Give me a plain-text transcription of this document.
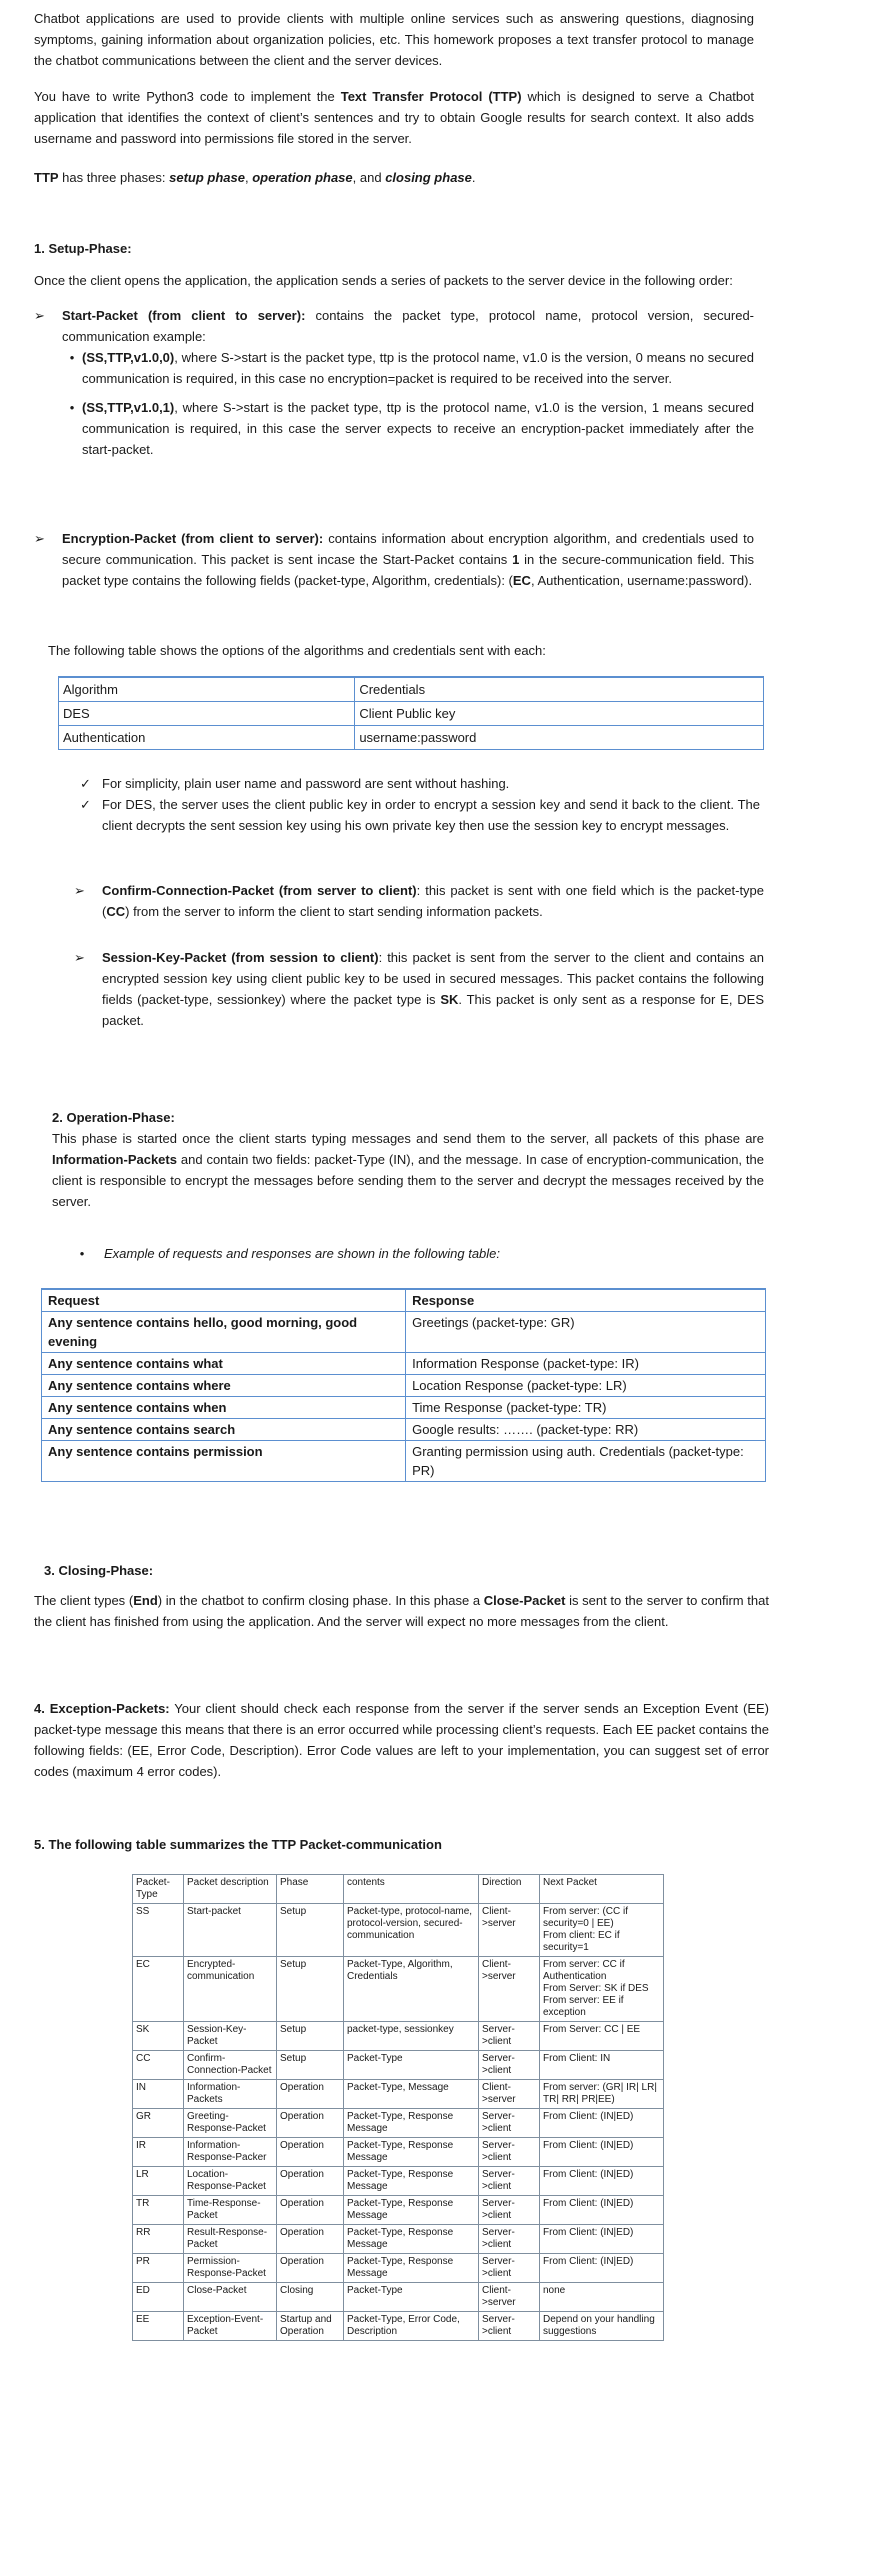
Chatbot applications are used to provide clients with multiple online services such as answering questions, diagnosing symptoms, gaining information about organization policies, etc. This homework proposes a text transfer protocol to manage the chatbot communications between the client and the server devices.

You have to write Python3 code to implement the Text Transfer Protocol (TTP) which is designed to serve a Chatbot application that identifies the context of client’s sentences and try to obtain Google results for search context. It also adds username and password into permissions file stored in the server.

TTP has three phases: setup phase, operation phase, and closing phase.

1. Setup-Phase:

Once the client opens the application, the application sends a series of packets to the server device in the following order:

➢	Start-Packet (from client to server): contains the packet type, protocol name, protocol version, secured-communication example:

• (SS,TTP,v1.0,0), where S->start is the packet type, ttp is the protocol name, v1.0 is the version, 0 means no secured communication is required, in this case no encryption=packet is required to be received into the server.

• (SS,TTP,v1.0,1), where S->start is the packet type, ttp is the protocol name, v1.0 is the version, 1 means secured communication is required, in this case the server expects to receive an encryption-packet immediately after the start-packet.

➢	Encryption-Packet (from client to server): contains information about encryption algorithm, and credentials used to secure communication. This packet is sent incase the Start-Packet contains 1 in the secure-communication field. This packet type contains the following fields (packet-type, Algorithm, credentials): (EC, Authentication, username:password).

The following table shows the options of the algorithms and credentials sent with each:

Algorithm	Credentials
DES	Client Public key
Authentication	username:password
✓ For simplicity, plain user name and password are sent without hashing.

✓ For DES, the server uses the client public key in order to encrypt a session key and send it back to the client. The client decrypts the sent session key using his own private key then use the session key to encrypt messages.

➢	Confirm-Connection-Packet (from server to client): this packet is sent with one field which is the packet-type (CC) from the server to inform the client to start sending information packets.

➢	Session-Key-Packet (from session to client): this packet is sent from the server to the client and contains an encrypted session key using client public key to be used in secured messages. This packet contains the following fields (packet-type, sessionkey) where the packet type is SK. This packet is only sent as a response for E, DES packet.

2. Operation-Phase:

This phase is started once the client starts typing messages and send them to the server, all packets of this phase are Information-Packets and contain two fields: packet-Type (IN), and the message. In case of encryption-communication, the client is responsible to encrypt the messages before sending them to the server and decrypt the messages received by the server.

•	Example of requests and responses are shown in the following table:
Request	Response
Any sentence contains hello, good morning, good evening	Greetings (packet-type: GR)
Any sentence contains what	Information Response (packet-type: IR)
Any sentence contains where	Location Response (packet-type: LR)
Any sentence contains when	Time Response (packet-type: TR)
Any sentence contains search	Google results: ……. (packet-type: RR)
Any sentence contains permission	Granting permission using auth. Credentials (packet-type: PR)
3. Closing-Phase:

The client types (End) in the chatbot to confirm closing phase. In this phase a Close-Packet is sent to the server to confirm that the client has finished from using the application. And the server will expect no more messages from the client.

4. Exception-Packets: Your client should check each response from the server if the server sends an Exception Event (EE) packet-type message this means that there is an error occurred while processing client’s requests. Each EE packet contains the following fields: (EE, Error Code, Description). Error Code values are left to your implementation, you can suggest set of error codes (maximum 4 error codes).

5. The following table summarizes the TTP Packet-communication
Packet-Type	Packet description	Phase	contents	Direction	Next Packet
SS	Start-packet	Setup	Packet-type, protocol-name, protocol-version, secured-communication	Client->server	From server: (CC if security=0 | EE)
From client: EC if security=1
EC	Encrypted-communication	Setup	Packet-Type, Algorithm, Credentials	Client->server	From server: CC if Authentication
From Server: SK if DES
From server: EE if exception
SK	Session-Key-Packet	Setup	packet-type, sessionkey	Server->client	From Server: CC | EE
CC	Confirm-Connection-Packet	Setup	Packet-Type	Server->client	From Client: IN
IN	Information-Packets	Operation	Packet-Type, Message	Client->server	From server: (GR| IR| LR| TR| RR| PR|EE)
GR	Greeting-Response-Packet	Operation	Packet-Type, Response Message	Server->client	From Client: (IN|ED)
IR	Information-Response-Packer	Operation	Packet-Type, Response Message	Server->client	From Client: (IN|ED)
LR	Location-Response-Packet	Operation	Packet-Type, Response Message	Server->client	From Client: (IN|ED)
TR	Time-Response-Packet	Operation	Packet-Type, Response Message	Server->client	From Client: (IN|ED)
RR	Result-Response-Packet	Operation	Packet-Type, Response Message	Server->client	From Client: (IN|ED)
PR	Permission-Response-Packet	Operation	Packet-Type, Response Message	Server->client	From Client: (IN|ED)
ED	Close-Packet	Closing	Packet-Type	Client->server	none
EE	Exception-Event-Packet	Startup and Operation	Packet-Type, Error Code, Description	Server->client	Depend on your handling suggestions
